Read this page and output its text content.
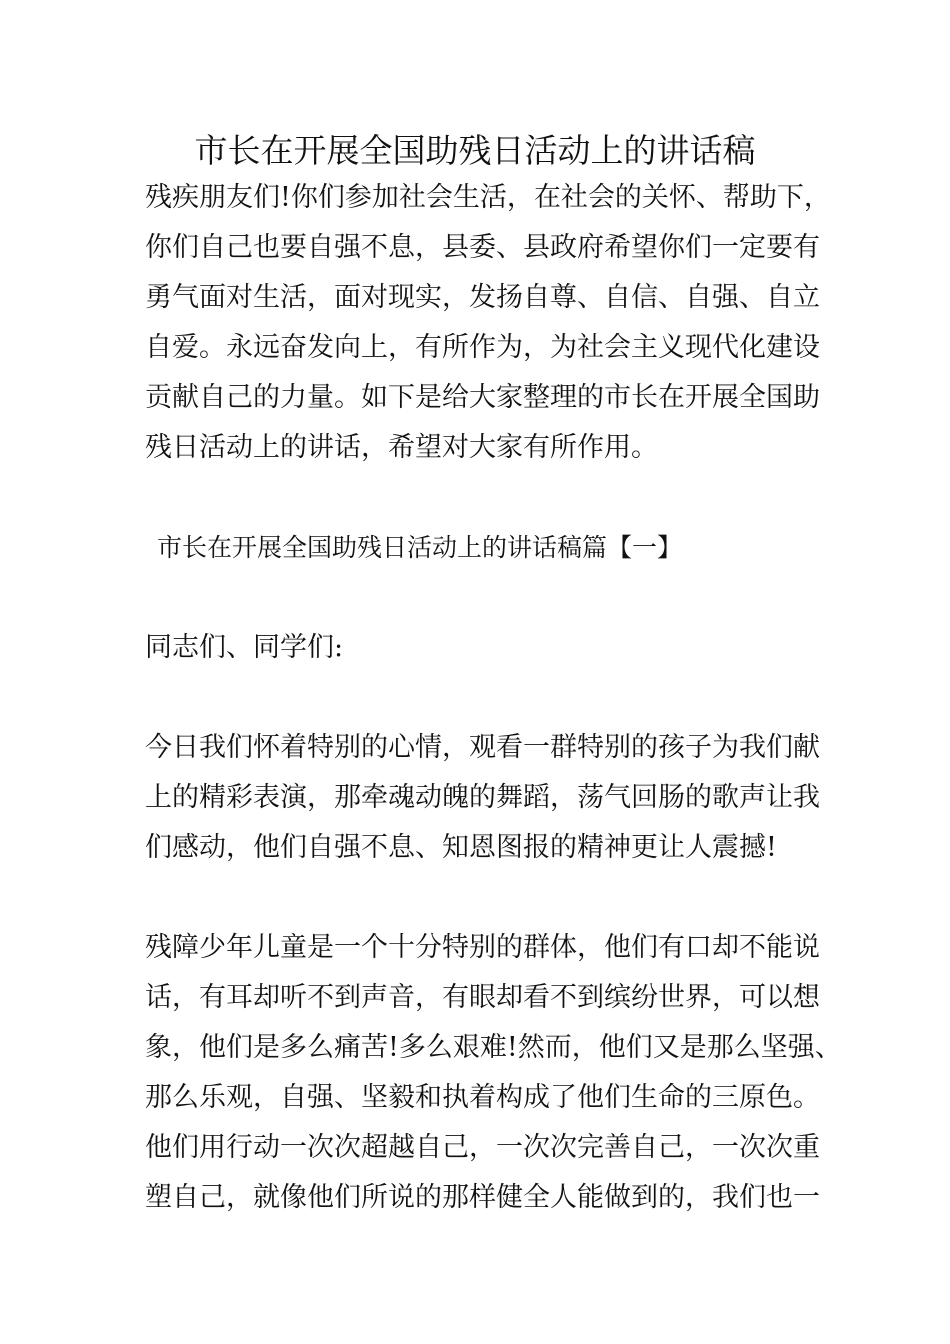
市长在开展全国助残日活动上的讲话稿
残疾朋友们!你们参加社会生活，在社会的关怀、帮助下，
你们自己也要自强不息，县委、县政府希望你们一定要有
勇气面对生活，面对现实，发扬自尊、自信、自强、自立
自爱。永远奋发向上，有所作为，为社会主义现代化建设
贡献自己的力量。如下是给大家整理的市长在开展全国助
残日活动上的讲话，希望对大家有所作用。
市长在开展全国助残日活动上的讲话稿篇【一】
同志们、同学们:
今日我们怀着特别的心情，观看一群特别的孩子为我们献
上的精彩表演，那牵魂动魄的舞蹈，荡气回肠的歌声让我
们感动，他们自强不息、知恩图报的精神更让人震撼!
残障少年儿童是一个十分特别的群体，他们有口却不能说
话，有耳却听不到声音，有眼却看不到缤纷世界，可以想
象，他们是多么痛苦!多么艰难!然而，他们又是那么坚强、
那么乐观，自强、坚毅和执着构成了他们生命的三原色。
他们用行动一次次超越自己，一次次完善自己，一次次重
塑自己，就像他们所说的那样健全人能做到的，我们也一
